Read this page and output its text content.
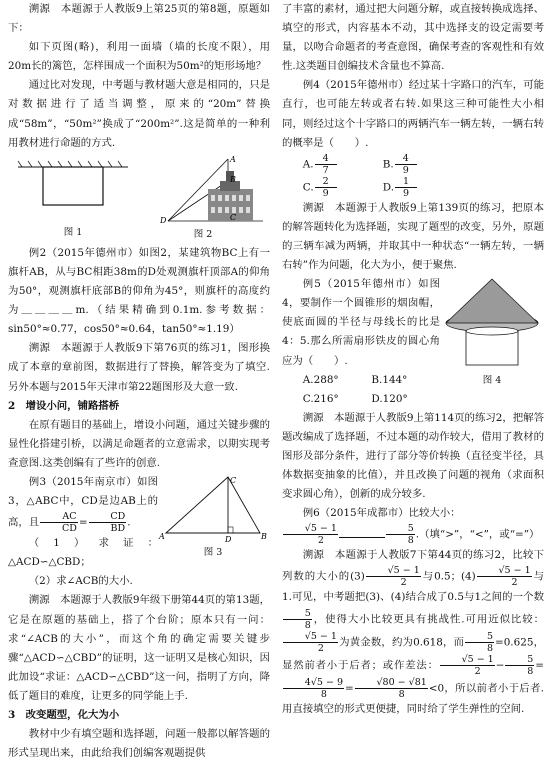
溯源　本题源于人教版9上第25页的第8题，原题如下：

如下页图(略)，利用一面墙（墙的长度不限），用20m长的篱笆，怎样围成一个面积为50m²的矩形场地？

通过比对发现，中考题与教材题大意是相同的，只是对数据进行了适当调整，原来的“20m”替换成“58m”，“50m²”换成了“200m²”.这是简单的一种利用教材进行命题的方式.

图 1
A
B
C
D
图 2

例2（2015年德州市）如图2，某建筑物BC上有一旗杆AB，从与BC相距38m的D处观测旗杆顶部A的仰角为50°，观测旗杆底部B的仰角为45°，则旗杆的高度约为＿＿＿＿m.（结果精确到0.1m.参考数据：sin50°≈0.77，cos50°≈0.64，tan50°≈1.19）

溯源　本题源于人教版9下第76页的练习1，图形换成了本章的章前图，数据进行了替换，解答变为了填空.另外本题与2015年天津市第22题图形及大意一致.

2　增设小问，铺路搭桥

在原有题目的基础上，增设小问题，通过关键步骤的显性化搭建引桥，以满足命题者的立意需求，以期实现考查意图.这类创编有了些许的创意.

例3（2015年南京市）如图3，△ABC中，CD是边AB上的高，且 $\frac{AC}{CD} = \frac{CD}{BD}$ .

（1）求证：△ACD∽△CBD；

C
A	D	B
图 3

（2）求∠ACB的大小.

溯源　本题源于人教版9年级下册第44页的第13题，它是在原题的基础上，搭了个台阶；原本只有一问：求“∠ACB的大小”，而这个角的确定需要关键步骤“△ACD∽△CBD”的证明，这一证明又是核心知识，因此加设“求证：△ACD∽△CBD”这一问，指明了方向，降低了题目的难度，让更多的同学能上手.

3　改变题型，化大为小

教材中少有填空题和选择题，问题一般都以解答题的形式呈现出来，由此给我们创编客观题提供

了丰富的素材，通过把大问题分解，或直接转换成选择、填空的形式，内容基本不动，其中选择支的设定需要考量，以吻合命题者的考查意图，确保考查的客观性和有效性.这类题目创编技术含量也不算高.

例4（2015年德州市）经过某十字路口的汽车，可能直行，也可能左转或者右转.如果这三种可能性大小相同，则经过这个十字路口的两辆汽车一辆左转，一辆右转的概率是（　　）.

A. $\frac{4}{7}$	B. $\frac{4}{9}$
C. $\frac{2}{9}$	D. $\frac{1}{9}$

溯源　本题源于人教版9上第139页的练习，把原本的解答题转化为选择题，实现了题型的改变，另外，原题的三辆车减为两辆，并取其中一种状态“一辆左转，一辆右转”作为问题，化大为小，便于聚焦.

例5（2015年德州市）如图4，要制作一个圆锥形的烟囱帽，使底面圆的半径与母线长的比是4：5.那么所需扇形铁皮的圆心角应为（　　）.

A.288°	B.144°
C.216°	D.120°
图 4

溯源　本题源于人教版9上第114页的练习2，把解答题改编成了选择题，不过本题的动作较大，借用了教材的图形及部分条件，进行了部分等价转换（直径变半径，具体数据变抽象的比值），并且改换了问题的视角（求面积变求圆心角），创新的成分较多.

例6（2015年成都市）比较大小：

$\frac{√5 - 1}{2}$	$\frac{5}{8}$ .（填“>”，“<”，或“=”）

溯源　本题源于人教版7下第44页的练习2，比较下列数的大小的$(3) \frac{√5 - 1}{2}$ 与0.5；$(4) \frac{√5 - 1}{2}$ 与1.可见，中考题把(3)、(4)结合成了0.5与1之间的一个数
$\frac{5}{8}$ ，使得大小比较更具有挑战性.可用近似比较：
$\frac{√5 - 1}{2}$ 为黄金数，约为0.618，而 $\frac{5}{8} =0.625$，显然前者小于后者；或作差法： $\frac{√5 - 1}{2} - \frac{5}{8}$ =
$\frac{4√5 - 9}{8} = \frac{√80 - √81}{8} <0$，所以前者小于后者.用直接填空的形式更便捷，同时给了学生弹性的空间.
